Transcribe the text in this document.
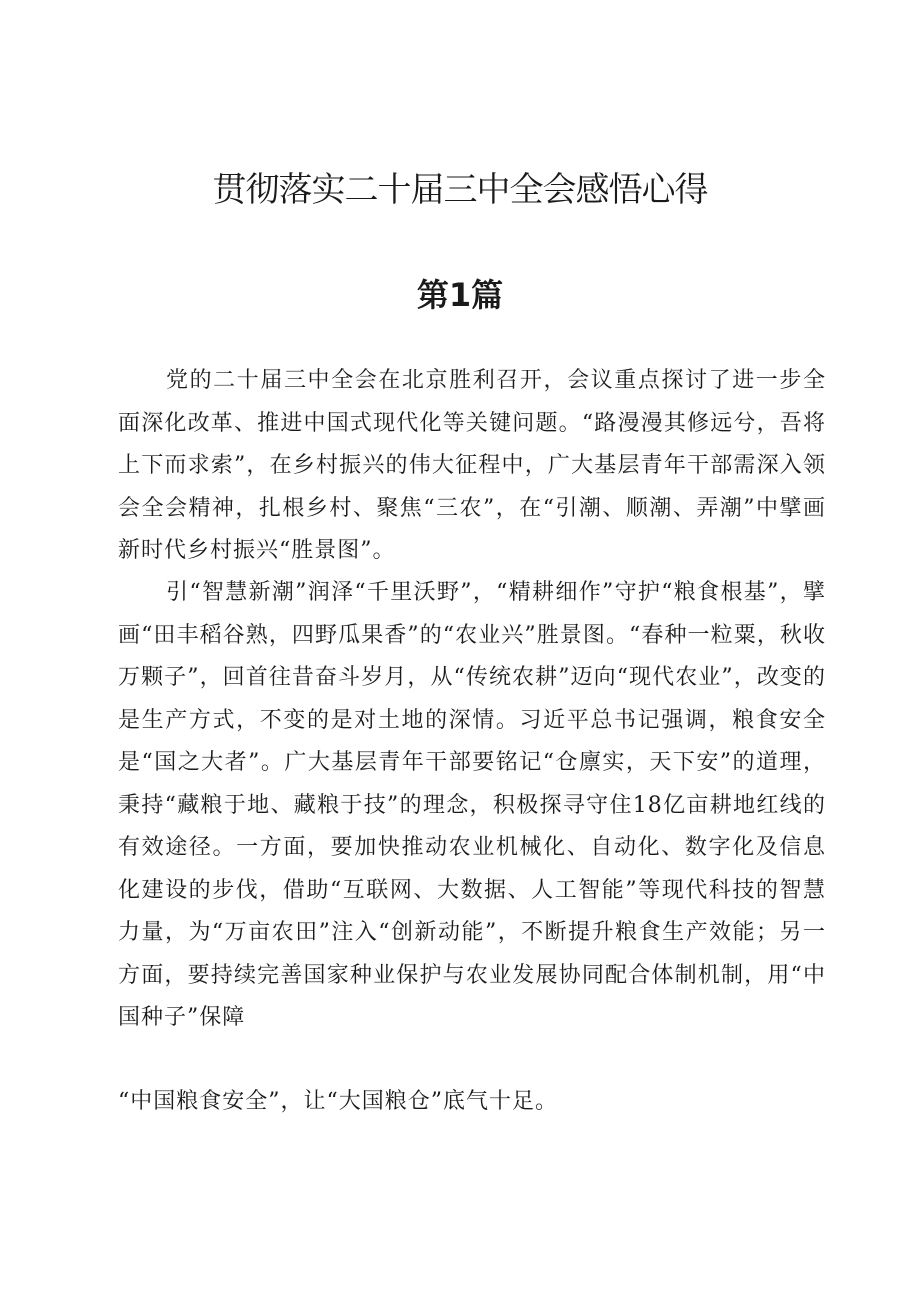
贯彻落实二十届三中全会感悟心得
第1篇

党的二十届三中全会在北京胜利召开，会议重点探讨了进一步全面深化改革、推进中国式现代化等关键问题。“路漫漫其修远兮，吾将上下而求索”，在乡村振兴的伟大征程中，广大基层青年干部需深入领会全会精神，扎根乡村、聚焦“三农”，在“引潮、顺潮、弄潮”中擘画新时代乡村振兴“胜景图”。

引“智慧新潮”润泽“千里沃野”，“精耕细作”守护“粮食根基”，擘画“田丰稻谷熟，四野瓜果香”的“农业兴”胜景图。“春种一粒粟，秋收万颗子”，回首往昔奋斗岁月，从“传统农耕”迈向“现代农业”，改变的是生产方式，不变的是对土地的深情。习近平总书记强调，粮食安全是“国之大者”。广大基层青年干部要铭记“仓廪实，天下安”的道理，秉持“藏粮于地、藏粮于技”的理念，积极探寻守住18亿亩耕地红线的有效途径。一方面，要加快推动农业机械化、自动化、数字化及信息化建设的步伐，借助“互联网、大数据、人工智能”等现代科技的智慧力量，为“万亩农田”注入“创新动能”，不断提升粮食生产效能；另一方面，要持续完善国家种业保护与农业发展协同配合体制机制，用“中国种子”保障

“中国粮食安全”，让“大国粮仓”底气十足。
